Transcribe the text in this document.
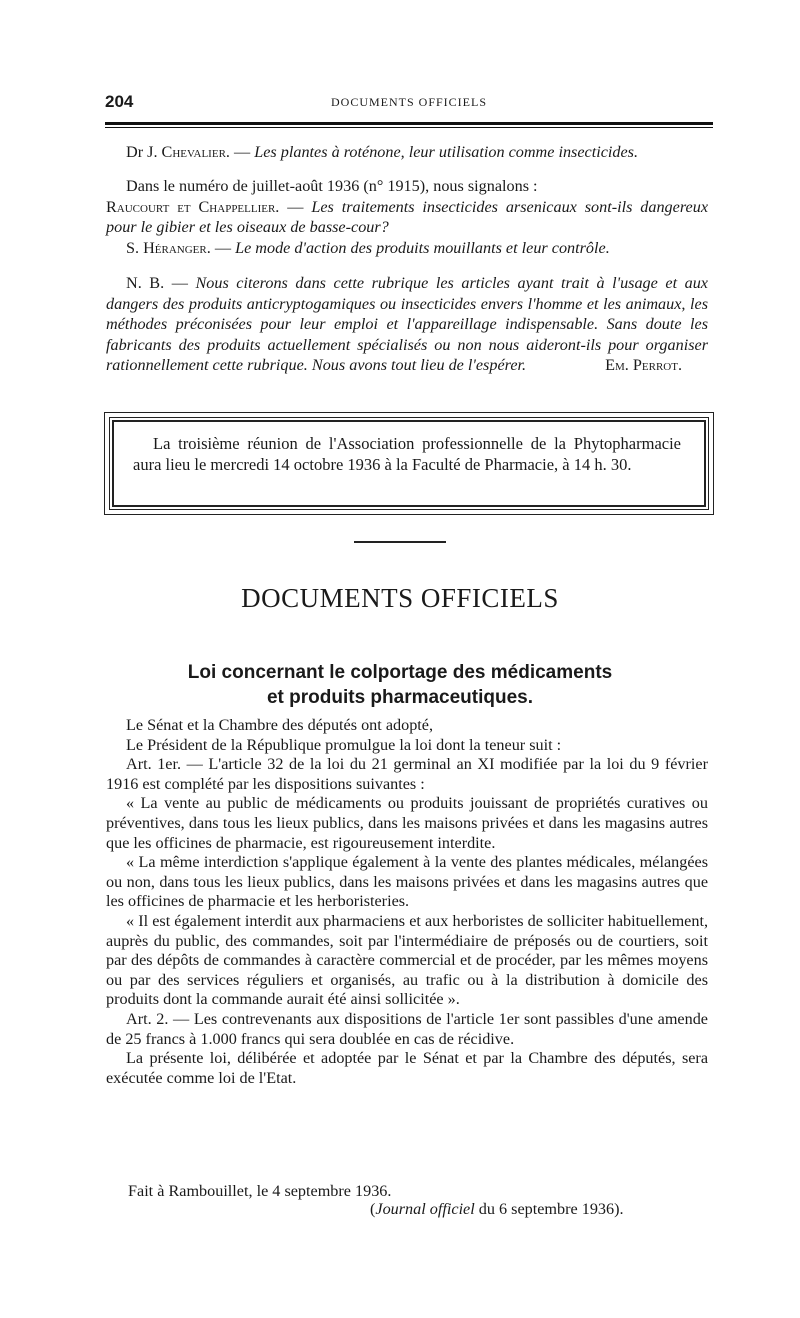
204	DOCUMENTS OFFICIELS
Dr J. Chevalier. — Les plantes à roténone, leur utilisation comme insecticides.
Dans le numéro de juillet-août 1936 (n° 1915), nous signalons :
Raucourt et Chappellier. — Les traitements insecticides arsenicaux sont-ils dangereux pour le gibier et les oiseaux de basse-cour?
S. Héranger. — Le mode d'action des produits mouillants et leur contrôle.
N. B. — Nous citerons dans cette rubrique les articles ayant trait à l'usage et aux dangers des produits anticryptogamiques ou insecticides envers l'homme et les animaux, les méthodes préconisées pour leur emploi et l'appareillage indispensable. Sans doute les fabricants des produits actuellement spécialisés ou non nous aideront-ils pour organiser rationnellement cette rubrique. Nous avons tout lieu de l'espérer.	Em. Perrot.
La troisième réunion de l'Association professionnelle de la Phytopharmacie aura lieu le mercredi 14 octobre 1936 à la Faculté de Pharmacie, à 14 h. 30.
DOCUMENTS OFFICIELS
Loi concernant le colportage des médicaments
et produits pharmaceutiques.

Le Sénat et la Chambre des députés ont adopté,

Le Président de la République promulgue la loi dont la teneur suit :

Art. 1er. — L'article 32 de la loi du 21 germinal an XI modifiée par la loi du 9 février 1916 est complété par les dispositions suivantes :

« La vente au public de médicaments ou produits jouissant de propriétés curatives ou préventives, dans tous les lieux publics, dans les maisons privées et dans les magasins autres que les officines de pharmacie, est rigoureusement interdite.

« La même interdiction s'applique également à la vente des plantes médicales, mélangées ou non, dans tous les lieux publics, dans les maisons privées et dans les magasins autres que les officines de pharmacie et les herboristeries.

« Il est également interdit aux pharmaciens et aux herboristes de solliciter habituellement, auprès du public, des commandes, soit par l'intermédiaire de préposés ou de courtiers, soit par des dépôts de commandes à caractère commercial et de procéder, par les mêmes moyens ou par des services réguliers et organisés, au trafic ou à la distribution à domicile des produits dont la commande aurait été ainsi sollicitée ».

Art. 2. — Les contrevenants aux dispositions de l'article 1er sont passibles d'une amende de 25 francs à 1.000 francs qui sera doublée en cas de récidive.

La présente loi, délibérée et adoptée par le Sénat et par la Chambre des députés, sera exécutée comme loi de l'Etat.

Fait à Rambouillet, le 4 septembre 1936.
(Journal officiel du 6 septembre 1936).
